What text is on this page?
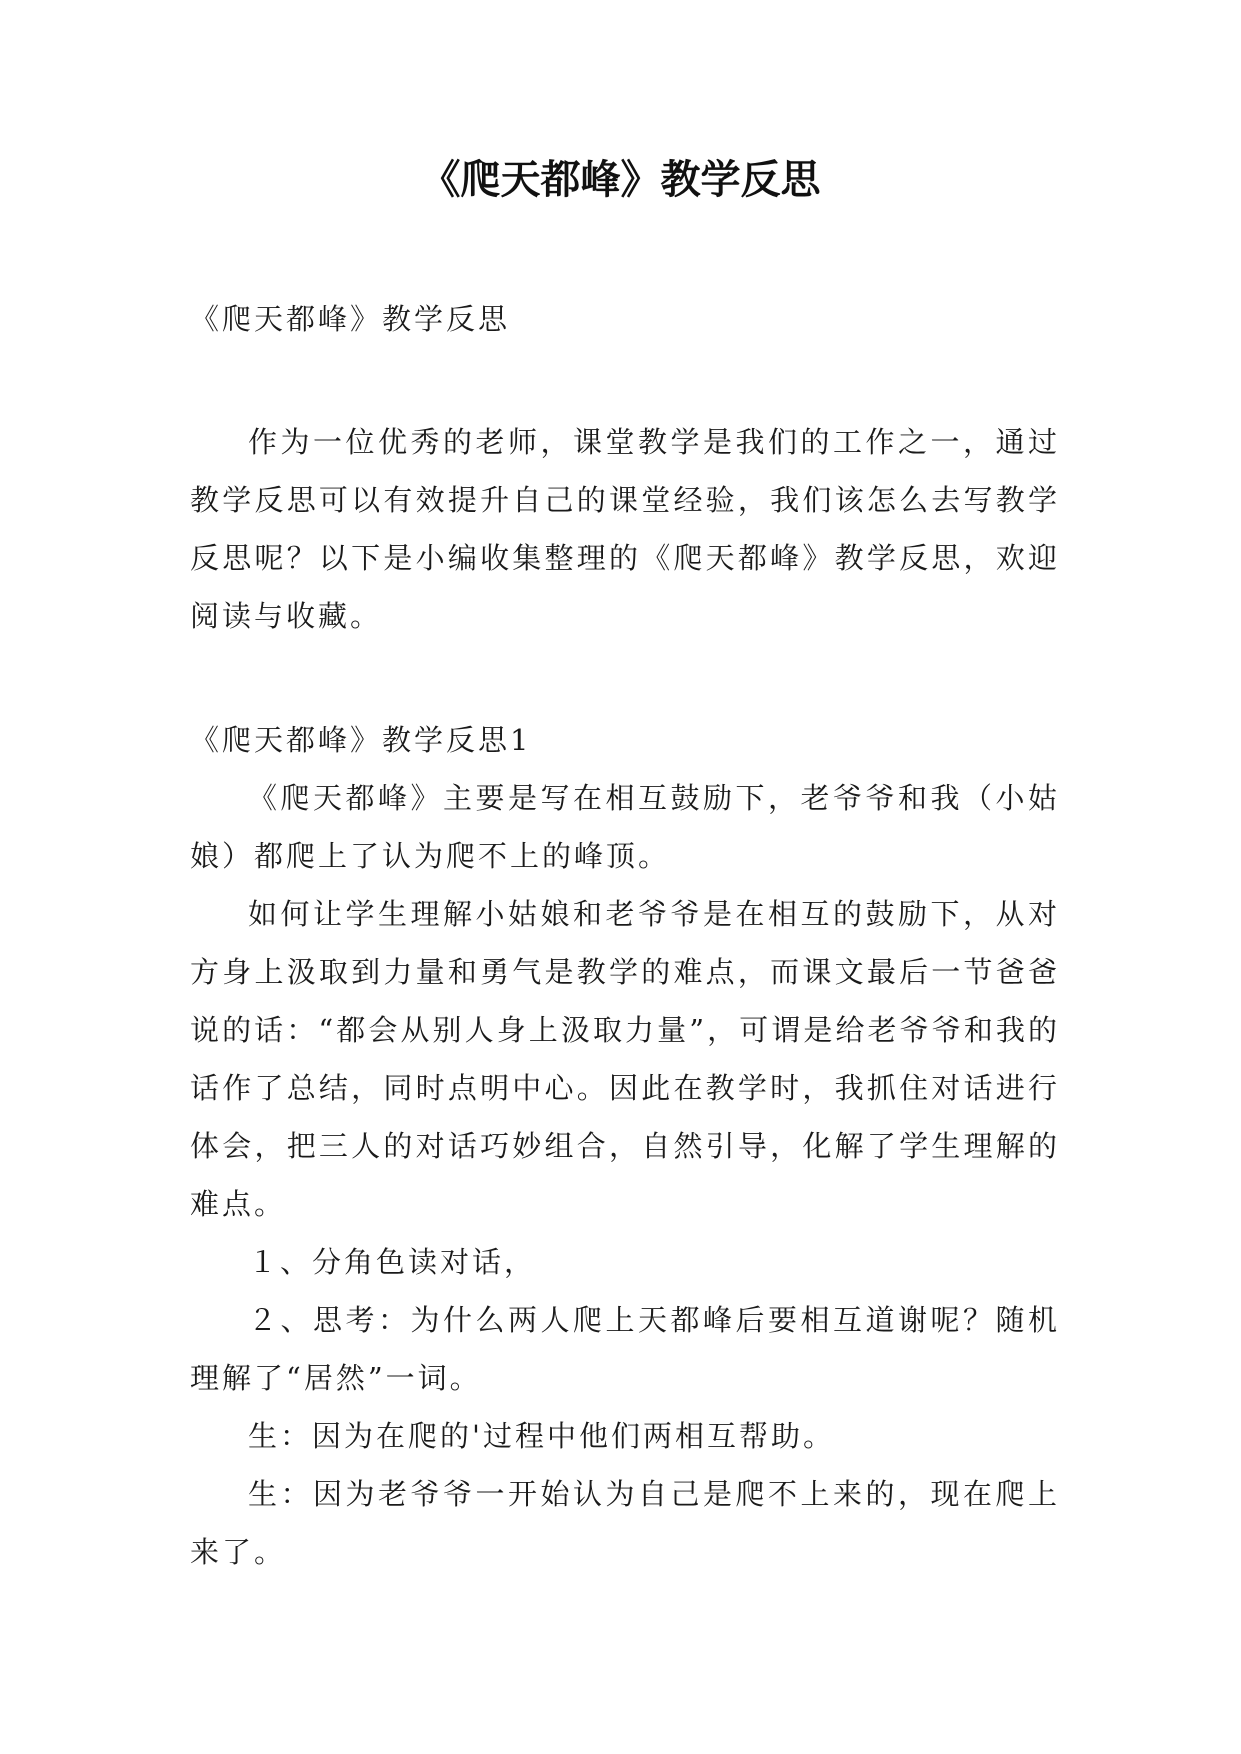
《爬天都峰》教学反思

《爬天都峰》教学反思

作为一位优秀的老师，课堂教学是我们的工作之一，通过教学反思可以有效提升自己的课堂经验，我们该怎么去写教学反思呢？以下是小编收集整理的《爬天都峰》教学反思，欢迎阅读与收藏。

《爬天都峰》教学反思1

《爬天都峰》主要是写在相互鼓励下，老爷爷和我（小姑娘）都爬上了认为爬不上的峰顶。

如何让学生理解小姑娘和老爷爷是在相互的鼓励下，从对方身上汲取到力量和勇气是教学的难点，而课文最后一节爸爸说的话：“都会从别人身上汲取力量”，可谓是给老爷爷和我的话作了总结，同时点明中心。因此在教学时，我抓住对话进行体会，把三人的对话巧妙组合，自然引导，化解了学生理解的难点。

１、分角色读对话，

２、思考：为什么两人爬上天都峰后要相互道谢呢？随机理解了“居然”一词。

生：因为在爬的'过程中他们两相互帮助。

生：因为老爷爷一开始认为自己是爬不上来的，现在爬上来了。
